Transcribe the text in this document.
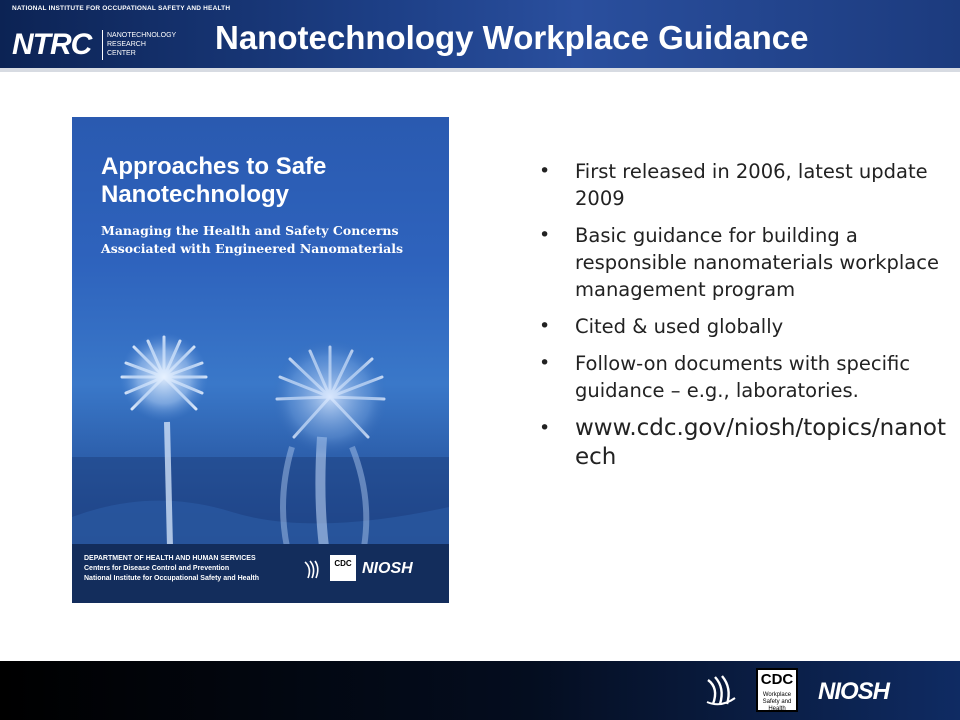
NATIONAL INSTITUTE FOR OCCUPATIONAL SAFETY AND HEALTH
NTRC NANOTECHNOLOGY
RESEARCH
CENTER	Nanotechnology Workplace Guidance
Approaches to Safe Nanotechnology
Managing the Health and Safety Concerns Associated with Engineered Nanomaterials
DEPARTMENT OF HEALTH AND HUMAN SERVICES
Centers for Disease Control and Prevention
National Institute for Occupational Safety and Health
CDC NIOSH
• First released in 2006, latest update 2009
• Basic guidance for building a responsible nanomaterials workplace management program
• Cited & used globally
• Follow-on documents with specific guidance – e.g., laboratories.
• www.cdc.gov/niosh/topics/nanotech
CDC
Workplace
Safety and Health
NIOSH
